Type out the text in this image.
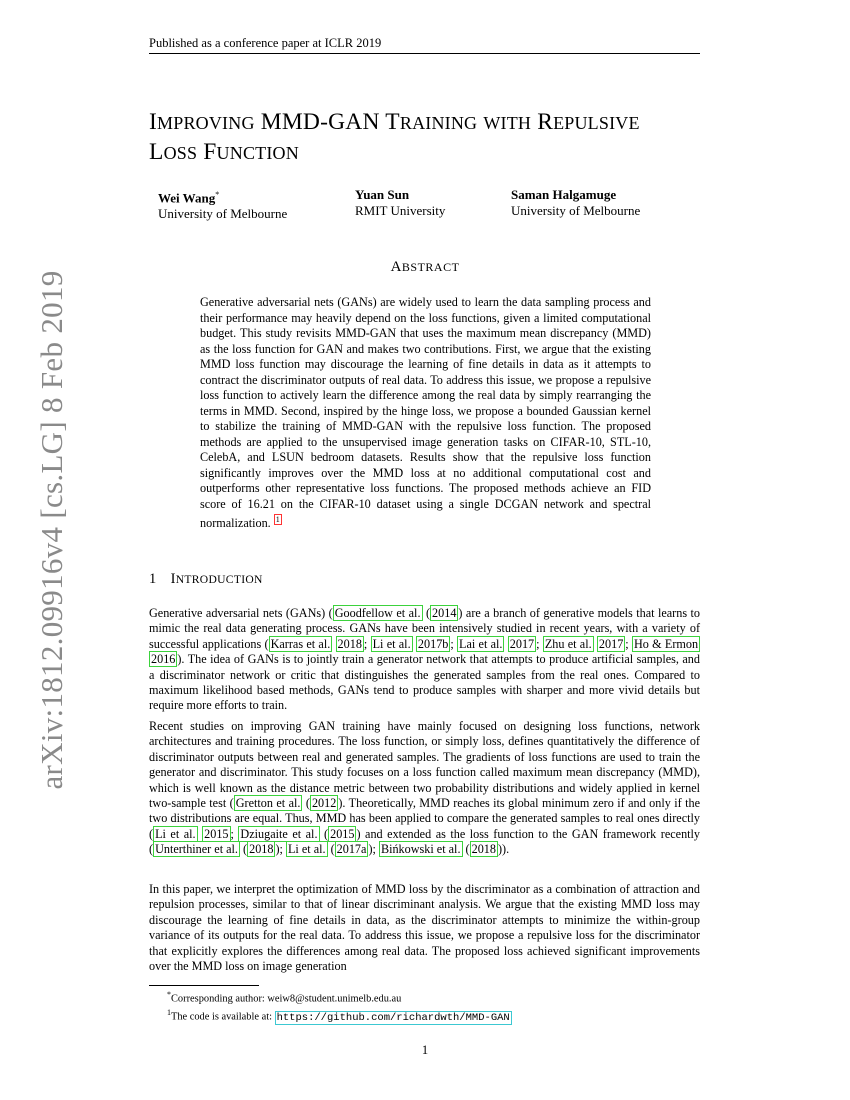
Published as a conference paper at ICLR 2019
IMPROVING MMD-GAN TRAINING WITH REPULSIVE
LOSS FUNCTION
Wei Wang*
University of Melbourne
Yuan Sun
RMIT University
Saman Halgamuge
University of Melbourne
ABSTRACT
Generative adversarial nets (GANs) are widely used to learn the data sampling process and their performance may heavily depend on the loss functions, given a limited computational budget. This study revisits MMD-GAN that uses the maximum mean discrepancy (MMD) as the loss function for GAN and makes two contributions. First, we argue that the existing MMD loss function may discourage the learning of fine details in data as it attempts to contract the discriminator outputs of real data. To address this issue, we propose a repulsive loss function to actively learn the difference among the real data by simply rearranging the terms in MMD. Second, inspired by the hinge loss, we propose a bounded Gaussian kernel to stabilize the training of MMD-GAN with the repulsive loss function. The proposed methods are applied to the unsupervised image generation tasks on CIFAR-10, STL-10, CelebA, and LSUN bedroom datasets. Results show that the repulsive loss function significantly improves over the MMD loss at no additional computational cost and outperforms other representative loss functions. The proposed methods achieve an FID score of 16.21 on the CIFAR-10 dataset using a single DCGAN network and spectral normalization. $^1$
1 INTRODUCTION
Generative adversarial nets (GANs) ( Goodfellow et al. ( 2014 ) are a branch of generative models that learns to mimic the real data generating process. GANs have been intensively studied in recent years, with a variety of successful applications ( Karras et al. 2018 ; Li et al. 2017b ; Lai et al. 2017 ; Zhu et al. 2017 ; Ho & Ermon 2016 ). The idea of GANs is to jointly train a generator network that attempts to produce artificial samples, and a discriminator network or critic that distinguishes the generated samples from the real ones. Compared to maximum likelihood based methods, GANs tend to produce samples with sharper and more vivid details but require more efforts to train.
Recent studies on improving GAN training have mainly focused on designing loss functions, network architectures and training procedures. The loss function, or simply loss, defines quantitatively the difference of discriminator outputs between real and generated samples. The gradients of loss functions are used to train the generator and discriminator. This study focuses on a loss function called maximum mean discrepancy (MMD), which is well known as the distance metric between two probability distributions and widely applied in kernel two-sample test ( Gretton et al. ( 2012 ). Theoretically, MMD reaches its global minimum zero if and only if the two distributions are equal. Thus, MMD has been applied to compare the generated samples to real ones directly ( Li et al. 2015 ; Dziugaite et al. ( 2015 ) and extended as the loss function to the GAN framework recently ( Unterthiner et al. ( 2018 ); Li et al. ( 2017a ); Bińkowski et al. ( 2018 )).
In this paper, we interpret the optimization of MMD loss by the discriminator as a combination of attraction and repulsion processes, similar to that of linear discriminant analysis. We argue that the existing MMD loss may discourage the learning of fine details in data, as the discriminator attempts to minimize the within-group variance of its outputs for the real data. To address this issue, we propose a repulsive loss for the discriminator that explicitly explores the differences among real data. The proposed loss achieved significant improvements over the MMD loss on image generation
*Corresponding author: weiw8@student.unimelb.edu.au
$^1$The code is available at: https://github.com/richardwth/MMD-GAN
1
arXiv:1812.09916v4 [cs.LG] 8 Feb 2019
